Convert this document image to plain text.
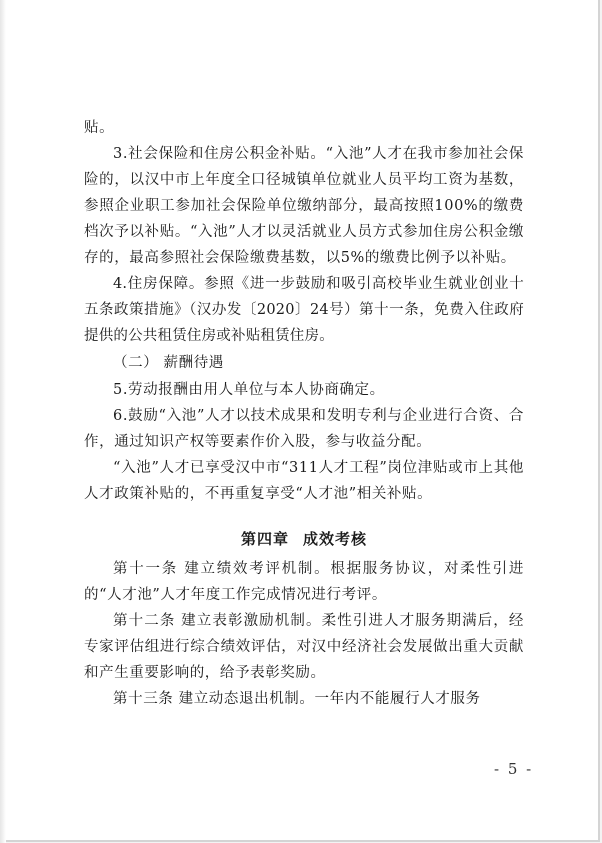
贴。

3.社会保险和住房公积金补贴。“入池”人才在我市参加社会保险的，以汉中市上年度全口径城镇单位就业人员平均工资为基数，参照企业职工参加社会保险单位缴纳部分，最高按照100%的缴费档次予以补贴。“入池”人才以灵活就业人员方式参加住房公积金缴存的，最高参照社会保险缴费基数，以5%的缴费比例予以补贴。

4.住房保障。参照《进一步鼓励和吸引高校毕业生就业创业十五条政策措施》（汉办发〔2020〕24号）第十一条，免费入住政府提供的公共租赁住房或补贴租赁住房。

（二） 薪酬待遇

5.劳动报酬由用人单位与本人协商确定。

6.鼓励“入池”人才以技术成果和发明专利与企业进行合资、合作，通过知识产权等要素作价入股，参与收益分配。

“入池”人才已享受汉中市“311人才工程”岗位津贴或市上其他人才政策补贴的，不再重复享受“人才池”相关补贴。

第四章 成效考核

第十一条 建立绩效考评机制。根据服务协议，对柔性引进的“人才池”人才年度工作完成情况进行考评。

第十二条 建立表彰激励机制。柔性引进人才服务期满后，经专家评估组进行综合绩效评估，对汉中经济社会发展做出重大贡献和产生重要影响的，给予表彰奖励。

第十三条 建立动态退出机制。一年内不能履行人才服务

- 5 -
